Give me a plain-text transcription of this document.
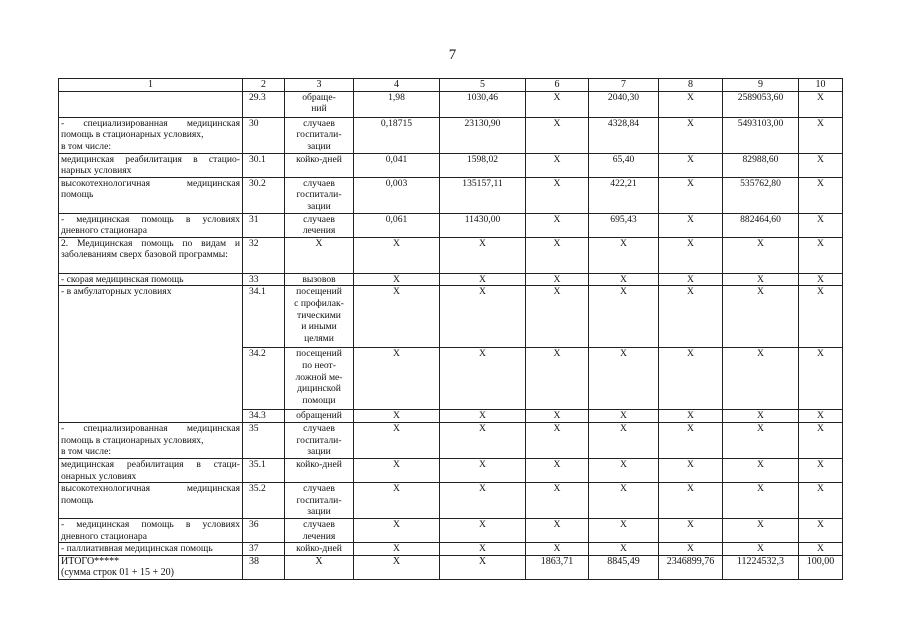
7
1	2	3	4	5	6	7	8	9	10
	29.3	обраще-
ний	1,98	1030,46	Х	2040,30	Х	2589053,60	Х
- специализированная медицинская помощь в стационарных условиях,
в том числе:	30	случаев
госпитали-
зации	0,18715	23130,90	Х	4328,84	Х	5493103,00	Х
медицинская реабилитация в стацио-нарных условиях	30.1	койко-дней	0,041	1598,02	Х	65,40	Х	82988,60	Х
высокотехнологичная медицинская помощь	30.2	случаев
госпитали-
зации	0,003	135157,11	Х	422,21	Х	535762,80	Х
- медицинская помощь в условиях дневного стационара	31	случаев
лечения	0,061	11430,00	Х	695,43	Х	882464,60	Х
2. Медицинская помощь по видам и заболеваниям сверх базовой программы:	32	Х	Х	Х	Х	Х	Х	Х	Х
- скорая медицинская помощь	33	вызовов	Х	Х	Х	Х	Х	Х	Х
- в амбулаторных условиях	34.1	посещений
с профилак-
тическими
и иными
целями	Х	Х	Х	Х	Х	Х	Х
	34.2	посещений
по неот-
ложной ме-
дицинской
помощи	Х	Х	Х	Х	Х	Х	Х
	34.3	обращений	Х	Х	Х	Х	Х	Х	Х
- специализированная медицинская помощь в стационарных условиях,
в том числе:	35	случаев
госпитали-
зации	Х	Х	Х	Х	Х	Х	Х
медицинская реабилитация в стаци-онарных условиях	35.1	койко-дней	Х	Х	Х	Х	Х	Х	Х
высокотехнологичная медицинская помощь	35.2	случаев
госпитали-
зации	Х	Х	Х	Х	Х	Х	Х
- медицинская помощь в условиях дневного стационара	36	случаев
лечения	Х	Х	Х	Х	Х	Х	Х
- паллиативная медицинская помощь	37	койко-дней	Х	Х	Х	Х	Х	Х	Х
ИТОГО*****
(сумма строк 01 + 15 + 20)	38	Х	Х	Х	1863,71	8845,49	2346899,76	11224532,3	100,00
